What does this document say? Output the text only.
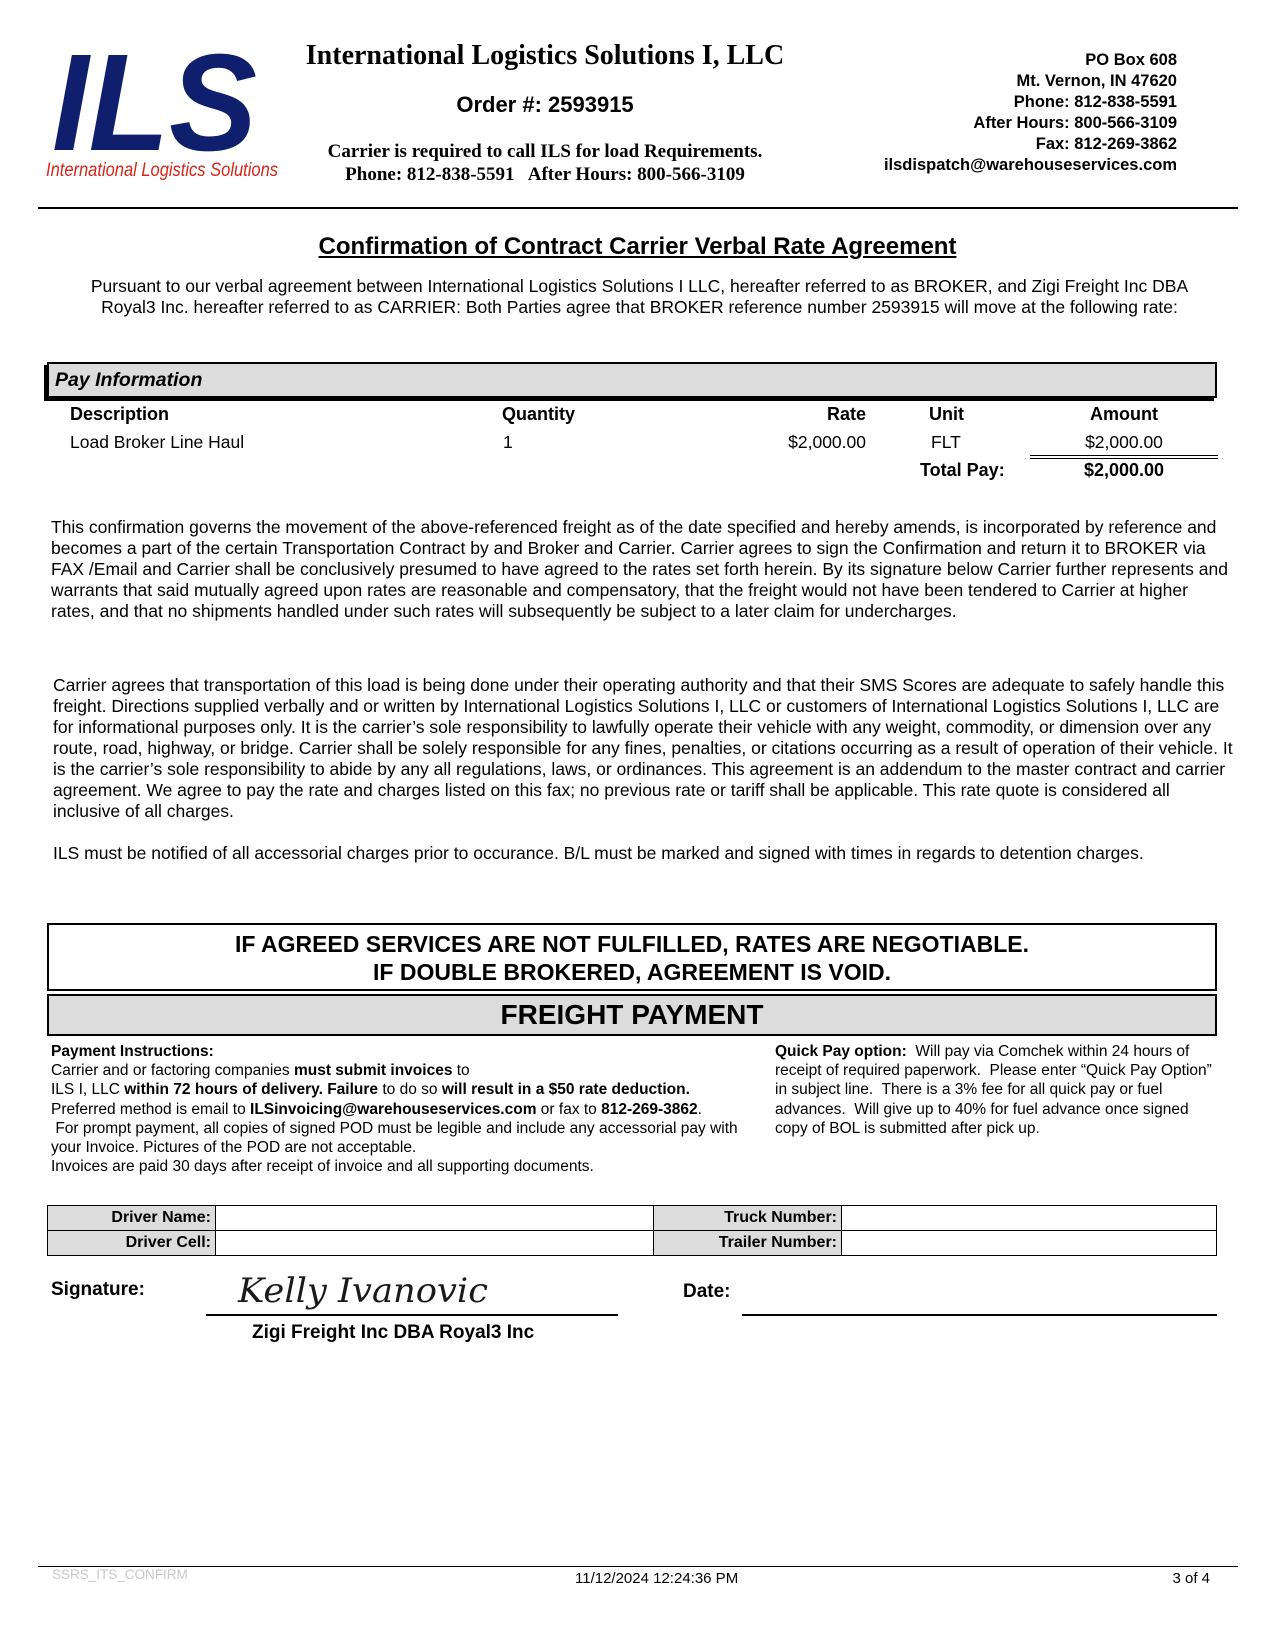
ILS
International Logistics Solutions
International Logistics Solutions I, LLC
Order #: 2593915
Carrier is required to call ILS for load Requirements.
Phone: 812-838-5591   After Hours: 800-566-3109
PO Box 608
Mt. Vernon, IN 47620
Phone: 812-838-5591
After Hours: 800-566-3109
Fax: 812-269-3862
ilsdispatch@warehouseservices.com
Confirmation of Contract Carrier Verbal Rate Agreement
Pursuant to our verbal agreement between International Logistics Solutions I LLC, hereafter referred to as BROKER, and Zigi Freight Inc DBA Royal3 Inc. hereafter referred to as CARRIER: Both Parties agree that BROKER reference number 2593915 will move at the following rate:
Pay Information
Description	Quantity	Rate	Unit	Amount
Load Broker Line Haul	1	$2,000.00	FLT	$2,000.00
Total Pay:	$2,000.00
This confirmation governs the movement of the above-referenced freight as of the date specified and hereby amends, is incorporated by reference and becomes a part of the certain Transportation Contract by and Broker and Carrier. Carrier agrees to sign the Confirmation and return it to BROKER via FAX /Email and Carrier shall be conclusively presumed to have agreed to the rates set forth herein. By its signature below Carrier further represents and warrants that said mutually agreed upon rates are reasonable and compensatory, that the freight would not have been tendered to Carrier at higher rates, and that no shipments handled under such rates will subsequently be subject to a later claim for undercharges.
Carrier agrees that transportation of this load is being done under their operating authority and that their SMS Scores are adequate to safely handle this freight. Directions supplied verbally and or written by International Logistics Solutions I, LLC or customers of International Logistics Solutions I, LLC are for informational purposes only. It is the carrier’s sole responsibility to lawfully operate their vehicle with any weight, commodity, or dimension over any route, road, highway, or bridge. Carrier shall be solely responsible for any fines, penalties, or citations occurring as a result of operation of their vehicle. It is the carrier’s sole responsibility to abide by any all regulations, laws, or ordinances. This agreement is an addendum to the master contract and carrier agreement. We agree to pay the rate and charges listed on this fax; no previous rate or tariff shall be applicable. This rate quote is considered all inclusive of all charges.
ILS must be notified of all accessorial charges prior to occurance. B/L must be marked and signed with times in regards to detention charges.
IF AGREED SERVICES ARE NOT FULFILLED, RATES ARE NEGOTIABLE.
IF DOUBLE BROKERED, AGREEMENT IS VOID.
FREIGHT PAYMENT
Payment Instructions:
Carrier and or factoring companies must submit invoices to
ILS I, LLC within 72 hours of delivery. Failure to do so will result in a $50 rate deduction.
Preferred method is email to ILSinvoicing@warehouseservices.com or fax to 812-269-3862.
For prompt payment, all copies of signed POD must be legible and include any accessorial pay with your Invoice. Pictures of the POD are not acceptable.
Invoices are paid 30 days after receipt of invoice and all supporting documents.
Quick Pay option:  Will pay via Comchek within 24 hours of receipt of required paperwork.  Please enter “Quick Pay Option” in subject line.  There is a 3% fee for all quick pay or fuel advances.  Will give up to 40% for fuel advance once signed copy of BOL is submitted after pick up.
Driver Name:		Truck Number:	
Driver Cell:		Trailer Number:	
Signature:	Kelly Ivanovic
Zigi Freight Inc DBA Royal3 Inc
Date:
SSRS_ITS_CONFIRM	11/12/2024 12:24:36 PM	3 of 4
